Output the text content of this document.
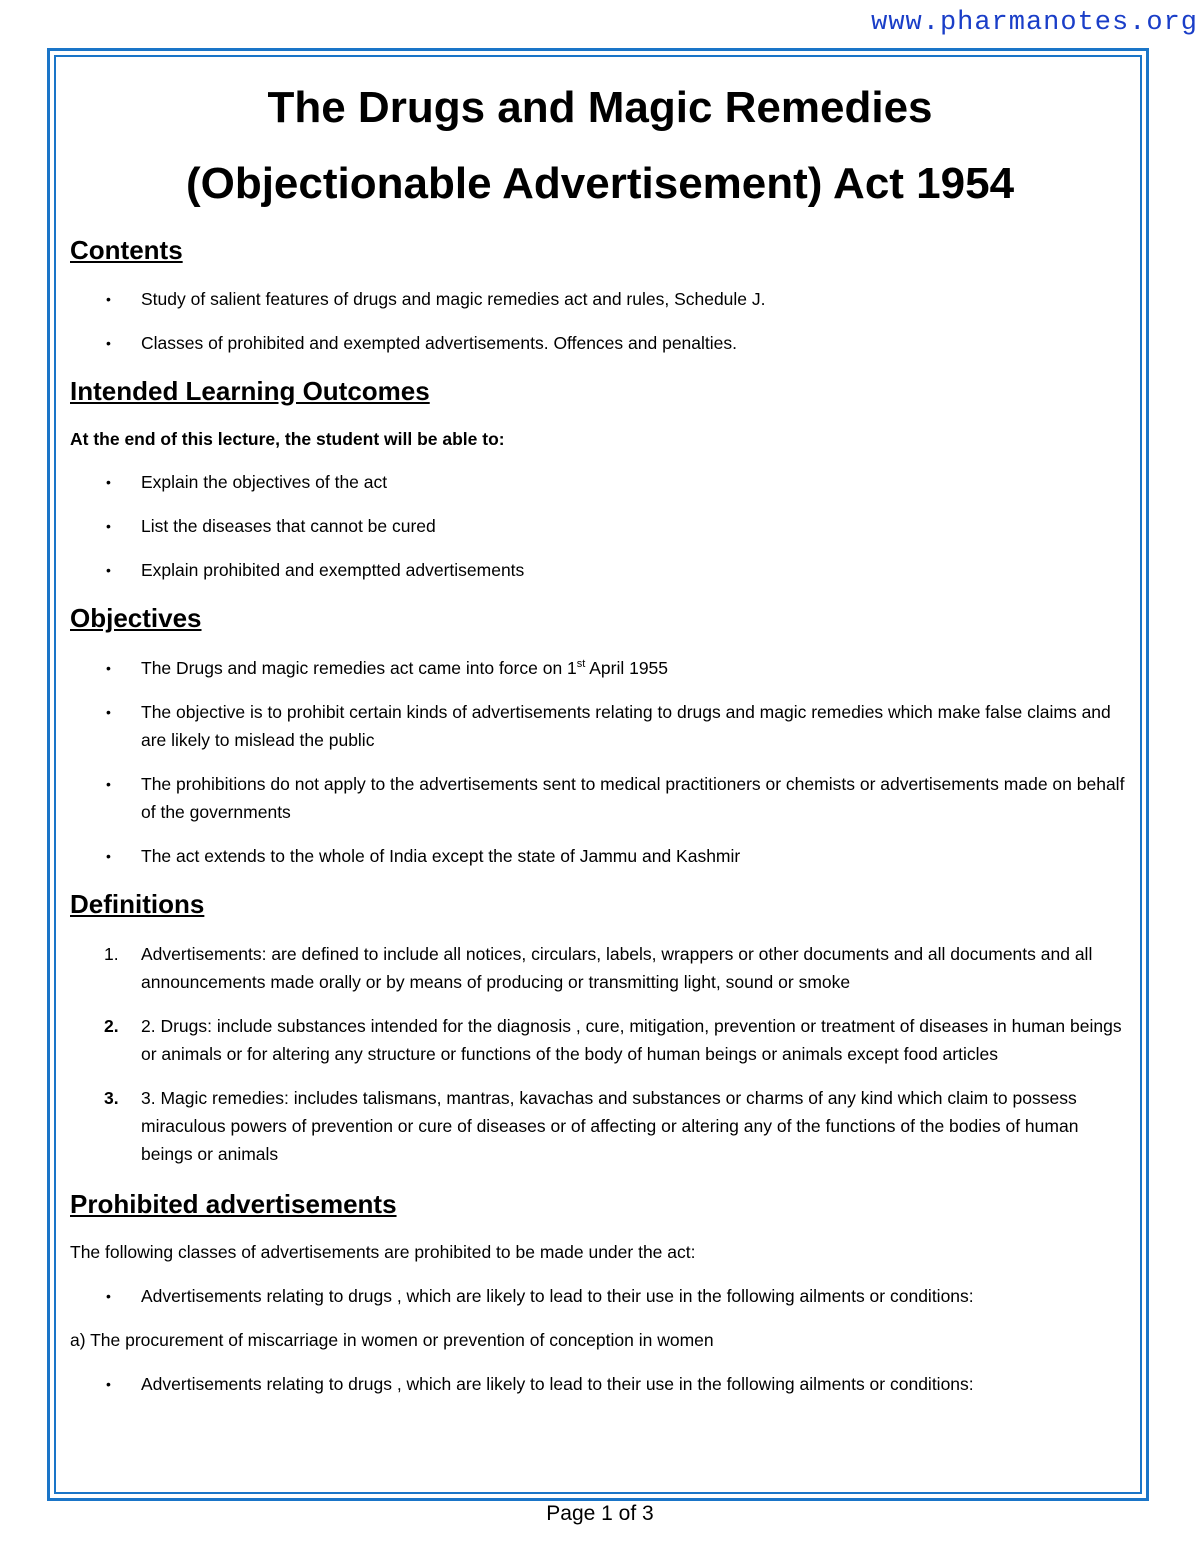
www.pharmanotes.org

The Drugs and Magic Remedies

(Objectionable Advertisement) Act 1954

Contents
• Study of salient features of drugs and magic remedies act and rules, Schedule J.
• Classes of prohibited and exempted advertisements. Offences and penalties.
Intended Learning Outcomes

At the end of this lecture, the student will be able to:

• Explain the objectives of the act
• List the diseases that cannot be cured
• Explain prohibited and exemptted advertisements
Objectives
• The Drugs and magic remedies act came into force on 1st April 1955
• The objective is to prohibit certain kinds of advertisements relating to drugs and magic remedies which make false claims and are likely to mislead the public
• The prohibitions do not apply to the advertisements sent to medical practitioners or chemists or advertisements made on behalf of the governments
• The act extends to the whole of India except the state of Jammu and Kashmir
Definitions
1. Advertisements: are defined to include all notices, circulars, labels, wrappers or other documents and all documents and all announcements made orally or by means of producing or transmitting light, sound or smoke
2. 2. Drugs: include substances intended for the diagnosis , cure, mitigation, prevention or treatment of diseases in human beings or animals or for altering any structure or functions of the body of human beings or animals except food articles
3. 3. Magic remedies: includes talismans, mantras, kavachas and substances or charms of any kind which claim to possess miraculous powers of prevention or cure of diseases or of affecting or altering any of the functions of the bodies of human beings or animals
Prohibited advertisements

The following classes of advertisements are prohibited to be made under the act:

• Advertisements relating to drugs , which are likely to lead to their use in the following ailments or conditions:

a) The procurement of miscarriage in women or prevention of conception in women

• Advertisements relating to drugs , which are likely to lead to their use in the following ailments or conditions:
Page 1 of 3
